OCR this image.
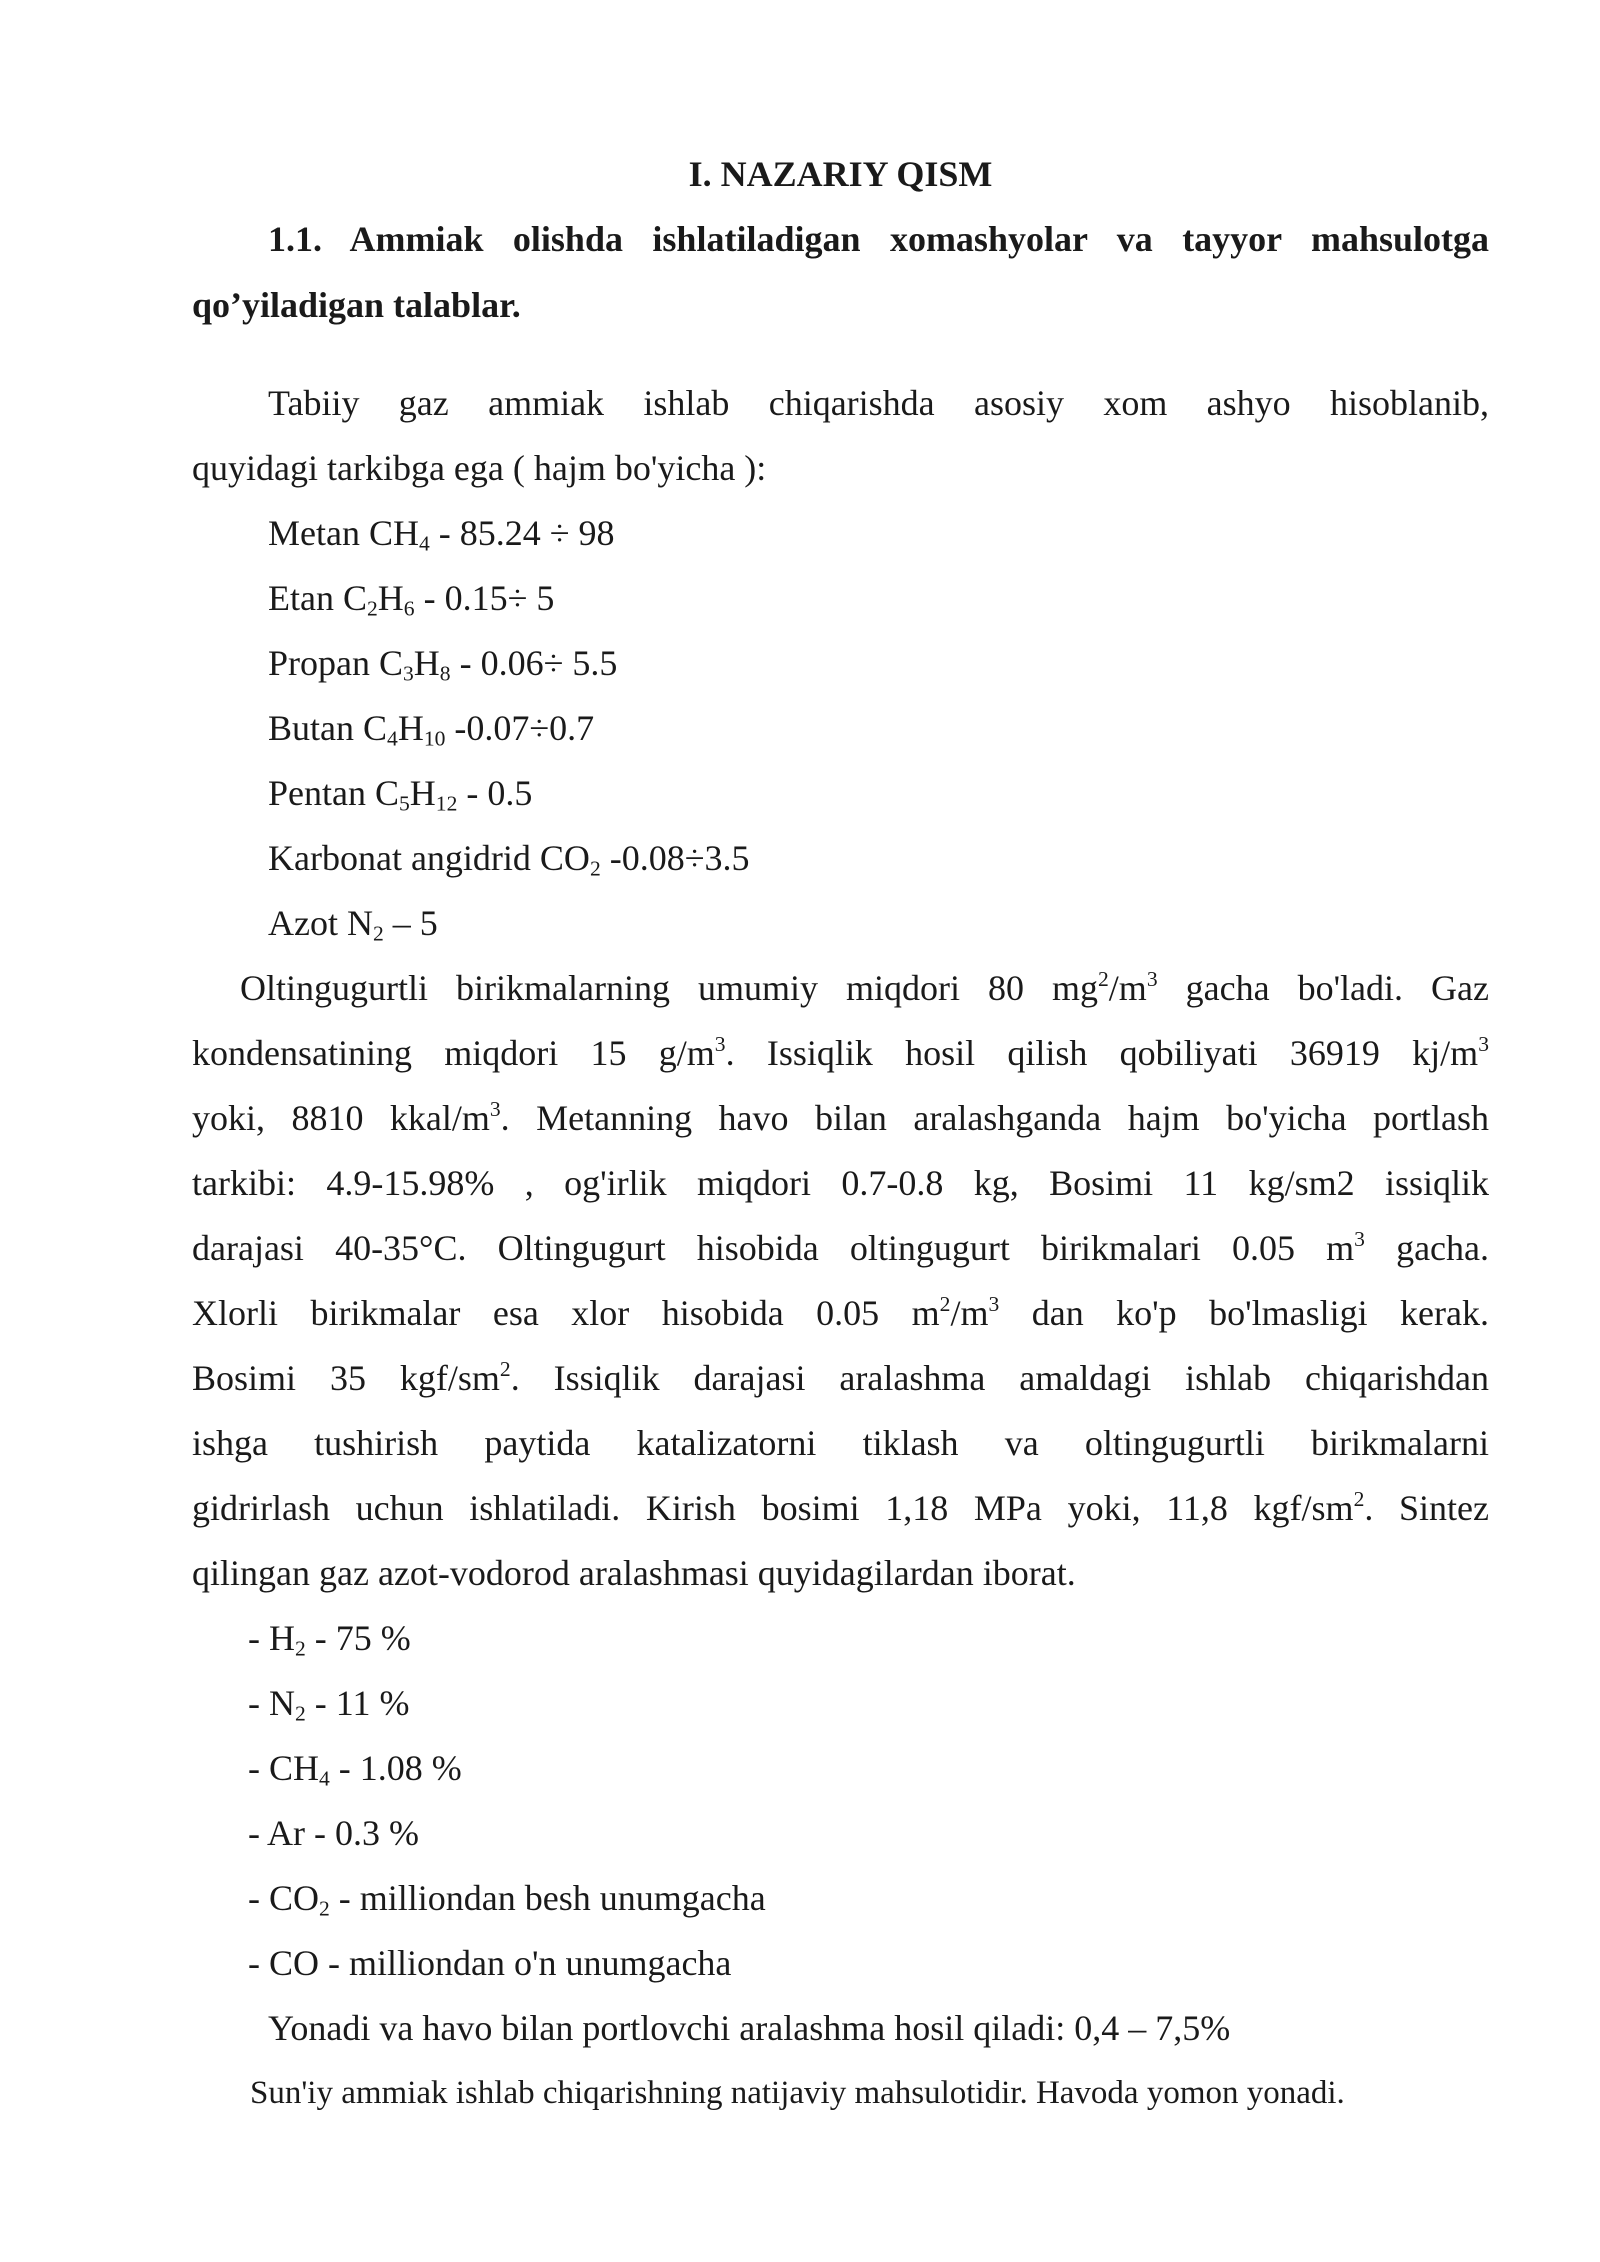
I. NAZARIY QISM
1.1. Ammiak olishda ishlatiladigan xomashyolar va tayyor mahsulotga
qo’yiladigan talablar.
Tabiiy gaz ammiak ishlab chiqarishda asosiy xom ashyo hisoblanib,
quyidagi tarkibga ega ( hajm bo'yicha ):
Metan $CH_4 - 85.24 \div 98$
Etan $C_2H_6 - 0.15\div 5$
Propan $C_3H_8 - 0.06\div 5.5$
Butan $C_4H_{10}$ -0.07÷0.7
Pentan $C_5H_{12} - 0.5$
Karbonat angidrid $CO_2$ -0.08÷3.5
Azot $N_2 - 5$
Oltingugurtli birikmalarning umumiy miqdori 80 $mg^2/m^3$ gacha bo'ladi. Gaz
kondensatining miqdori 15 $g/m^3$. Issiqlik hosil qilish qobiliyati 36919 $kj/m^3$
yoki, 8810 kkal/$m^3$. Metanning havo bilan aralashganda hajm bo'yicha portlash
tarkibi: 4.9-15.98% , og'irlik miqdori 0.7-0.8 kg, Bosimi 11 kg/sm2 issiqlik
darajasi 40-35°C. Oltingugurt hisobida oltingugurt birikmalari 0.05 $m^3$ gacha.
Xlorli birikmalar esa xlor hisobida 0.05 $m^2/m^3$ dan ko'p bo'lmasligi kerak.
Bosimi 35 kgf/$sm^2$. Issiqlik darajasi aralashma amaldagi ishlab chiqarishdan
ishga tushirish paytida katalizatorni tiklash va oltingugurtli birikmalarni
gidrirlash uchun ishlatiladi. Kirish bosimi 1,18 MPa yoki, 11,8 kgf/$sm^2$. Sintez
qilingan gaz azot-vodorod aralashmasi quyidagilardan iborat.
- $H_2 - 75$ %
- $N_2 - 11$ %
- $CH_4 - 1.08$ %
- Ar - 0.3 %
- $CO_2$ - milliondan besh unumgacha
- CO - milliondan o'n unumgacha
Yonadi va havo bilan portlovchi aralashma hosil qiladi: 0,4 – 7,5%
Sun'iy ammiak ishlab chiqarishning natijaviy mahsulotidir. Havoda yomon yonadi.
